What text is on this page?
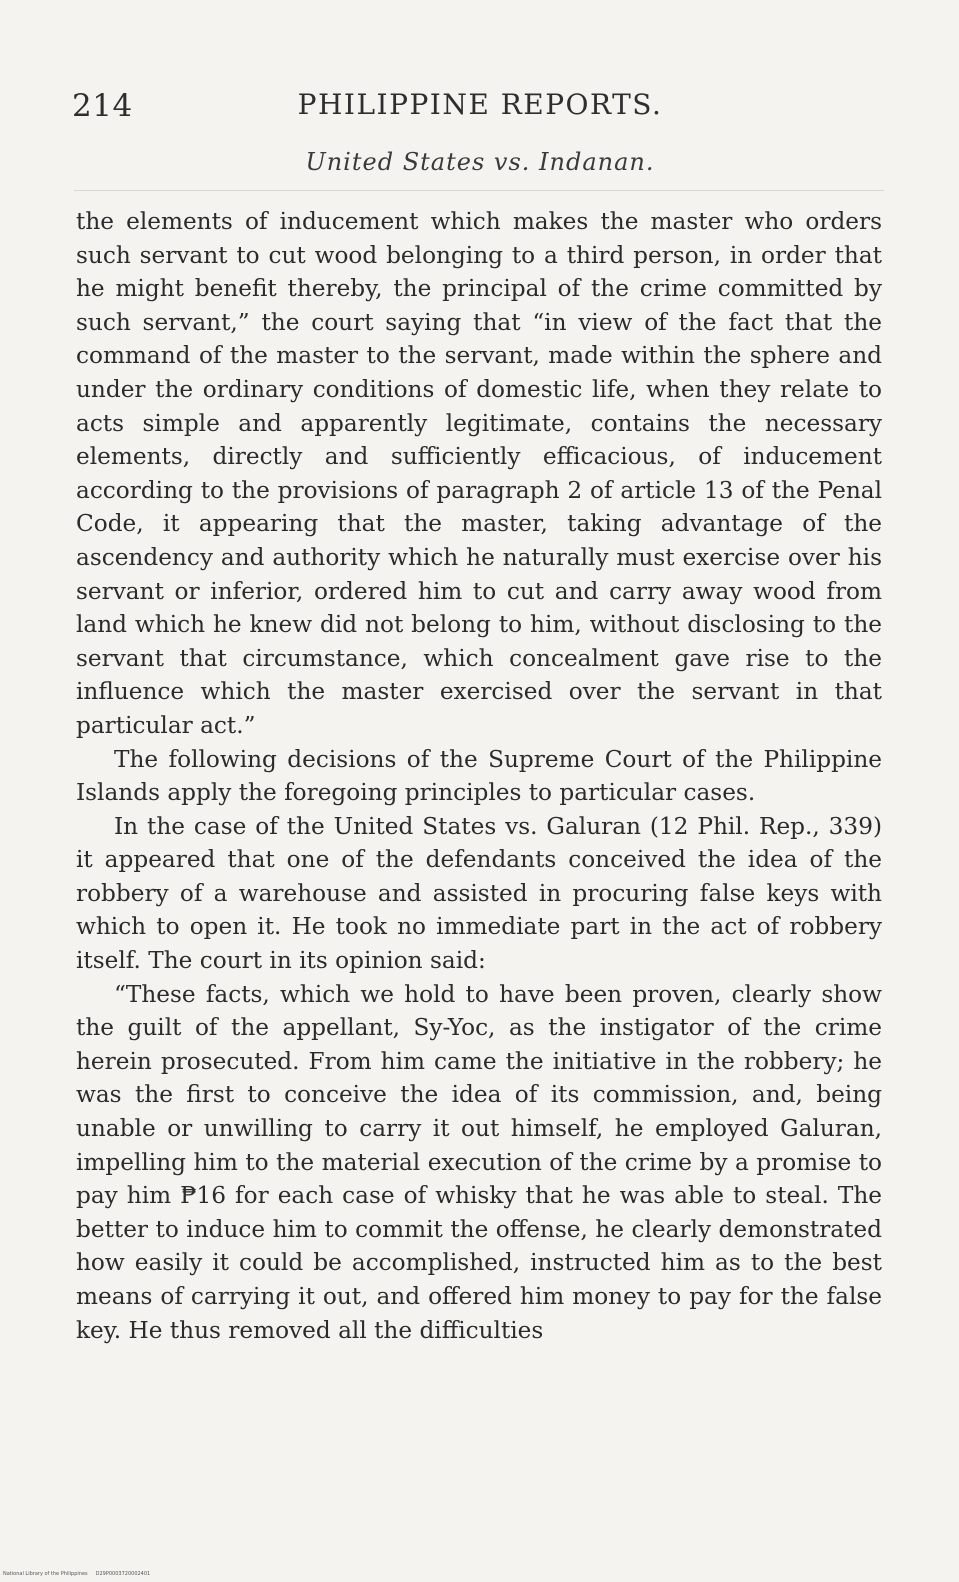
214	PHILIPPINE REPORTS.
United States vs. Indanan.

the elements of inducement which makes the master who orders such servant to cut wood belonging to a third person, in order that he might benefit thereby, the principal of the crime committed by such servant,” the court saying that “in view of the fact that the command of the master to the servant, made within the sphere and under the ordinary conditions of domestic life, when they relate to acts simple and apparently legitimate, contains the necessary elements, directly and sufficiently efficacious, of inducement according to the provisions of paragraph 2 of article 13 of the Penal Code, it appearing that the master, taking advantage of the ascendency and authority which he naturally must exercise over his servant or inferior, ordered him to cut and carry away wood from land which he knew did not belong to him, without disclosing to the servant that circumstance, which concealment gave rise to the influence which the master exercised over the servant in that particular act.”

The following decisions of the Supreme Court of the Philippine Islands apply the foregoing principles to particular cases.

In the case of the United States vs. Galuran (12 Phil. Rep., 339) it appeared that one of the defendants conceived the idea of the robbery of a warehouse and assisted in procuring false keys with which to open it. He took no immediate part in the act of robbery itself. The court in its opinion said:

“These facts, which we hold to have been proven, clearly show the guilt of the appellant, Sy-Yoc, as the instigator of the crime herein prosecuted. From him came the initiative in the robbery; he was the first to conceive the idea of its commission, and, being unable or unwilling to carry it out himself, he employed Galuran, impelling him to the material execution of the crime by a promise to pay him ₱16 for each case of whisky that he was able to steal. The better to induce him to commit the offense, he clearly demonstrated how easily it could be accomplished, instructed him as to the best means of carrying it out, and offered him money to pay for the false key. He thus removed all the difficulties

National Library of the Philippines D29P0003720002401
